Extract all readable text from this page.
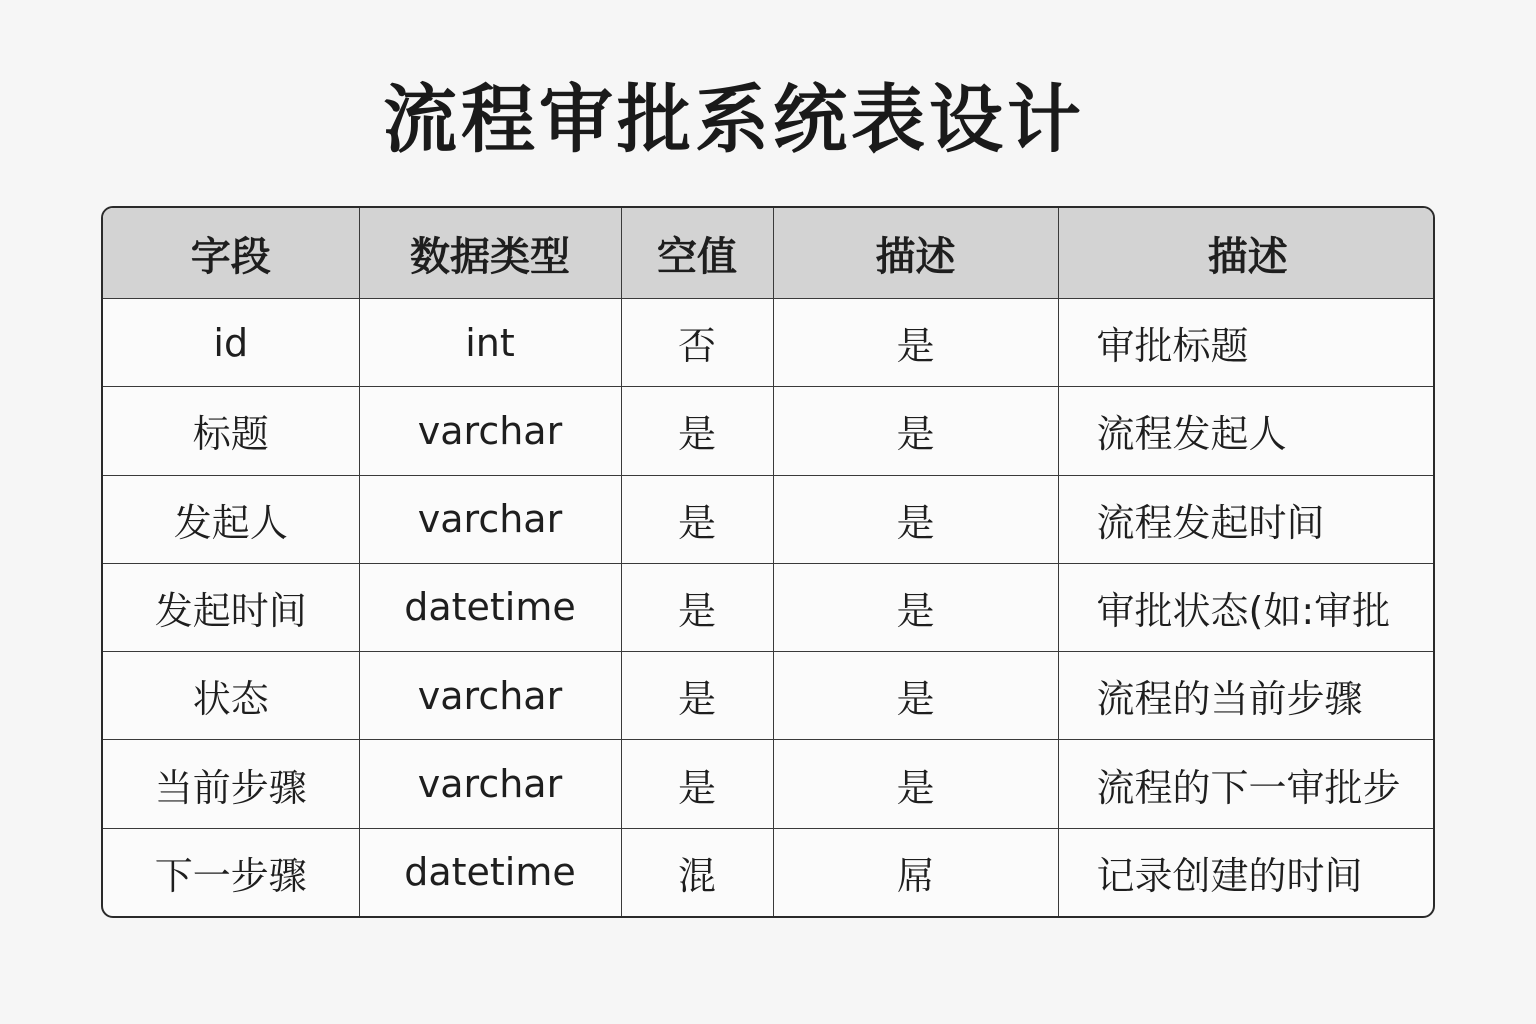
流程审批系统表设计
字段	数据类型	空值	描述	描述
id	int	否	是	审批标题
标题	varchar	是	是	流程发起人
发起人	varchar	是	是	流程发起时间
发起时间	datetime	是	是	审批状态(如:审批
状态	varchar	是	是	流程的当前步骤
当前步骤	varchar	是	是	流程的下一审批步
下一步骤	datetime	混	屌	记录创建的时间
